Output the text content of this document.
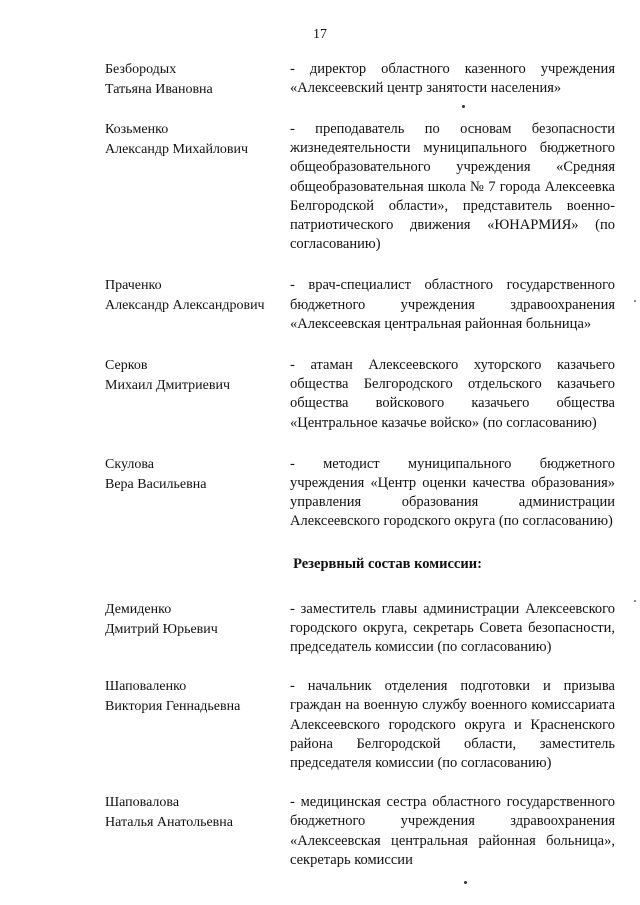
17
Безбородых
Татьяна Ивановна
- директор областного казенного учреждения «Алексеевский центр занятости населения»
Козьменко
Александр Михайлович
- преподаватель по основам безопасности жизнедеятельности муниципального бюджетного общеобразовательного учреждения «Средняя общеобразовательная школа № 7 города Алексеевка Белгородской области», представитель военно-патриотического движения «ЮНАРМИЯ» (по согласованию)
Праченко
Александр Александрович
- врач-специалист областного государственного бюджетного учреждения здравоохранения «Алексеевская центральная районная больница»
Серков
Михаил Дмитриевич
- атаман Алексеевского хуторского казачьего общества Белгородского отдельского казачьего общества войскового казачьего общества «Центральное казачье войско» (по согласованию)
Скулова
Вера Васильевна
- методист муниципального бюджетного учреждения «Центр оценки качества образования» управления образования администрации Алексеевского городского округа (по согласованию)
Резервный состав комиссии:
Демиденко
Дмитрий Юрьевич
- заместитель главы администрации Алексеевского городского округа, секретарь Совета безопасности, председатель комиссии (по согласованию)
Шаповаленко
Виктория Геннадьевна
- начальник отделения подготовки и призыва граждан на военную службу военного комиссариата Алексеевского городского округа и Красненского района Белгородской области, заместитель председателя комиссии (по согласованию)
Шаповалова
Наталья Анатольевна
- медицинская сестра областного государственного бюджетного учреждения здравоохранения «Алексеевская центральная районная больница», секретарь комиссии
